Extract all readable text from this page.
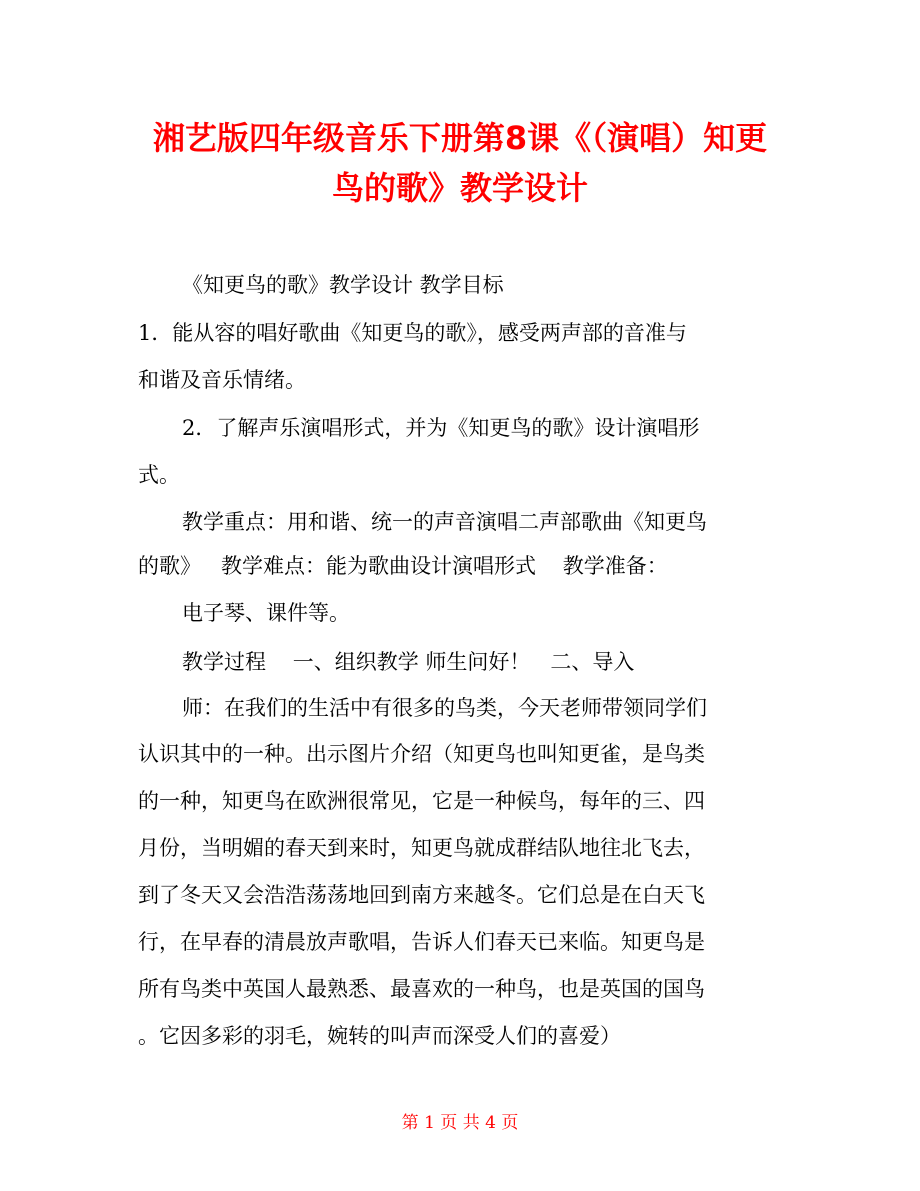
湘艺版四年级音乐下册第8课《（演唱）知更
鸟的歌》教学设计
《知更鸟的歌》教学设计 教学目标
1．能从容的唱好歌曲《知更鸟的歌》，感受两声部的音准与
和谐及音乐情绪。
2．了解声乐演唱形式，并为《知更鸟的歌》设计演唱形
式。
教学重点：用和谐、统一的声音演唱二声部歌曲《知更鸟
的歌》   教学难点：能为歌曲设计演唱形式    教学准备：
电子琴、课件等。
教学过程    一、组织教学 师生问好！   二、导入
师：在我们的生活中有很多的鸟类，今天老师带领同学们
认识其中的一种。出示图片介绍（知更鸟也叫知更雀，是鸟类
的一种，知更鸟在欧洲很常见，它是一种候鸟，每年的三、四
月份，当明媚的春天到来时，知更鸟就成群结队地往北飞去，
到了冬天又会浩浩荡荡地回到南方来越冬。它们总是在白天飞
行，在早春的清晨放声歌唱，告诉人们春天已来临。知更鸟是
所有鸟类中英国人最熟悉、最喜欢的一种鸟，也是英国的国鸟
。它因多彩的羽毛，婉转的叫声而深受人们的喜爱）
第 1 页 共 4 页
